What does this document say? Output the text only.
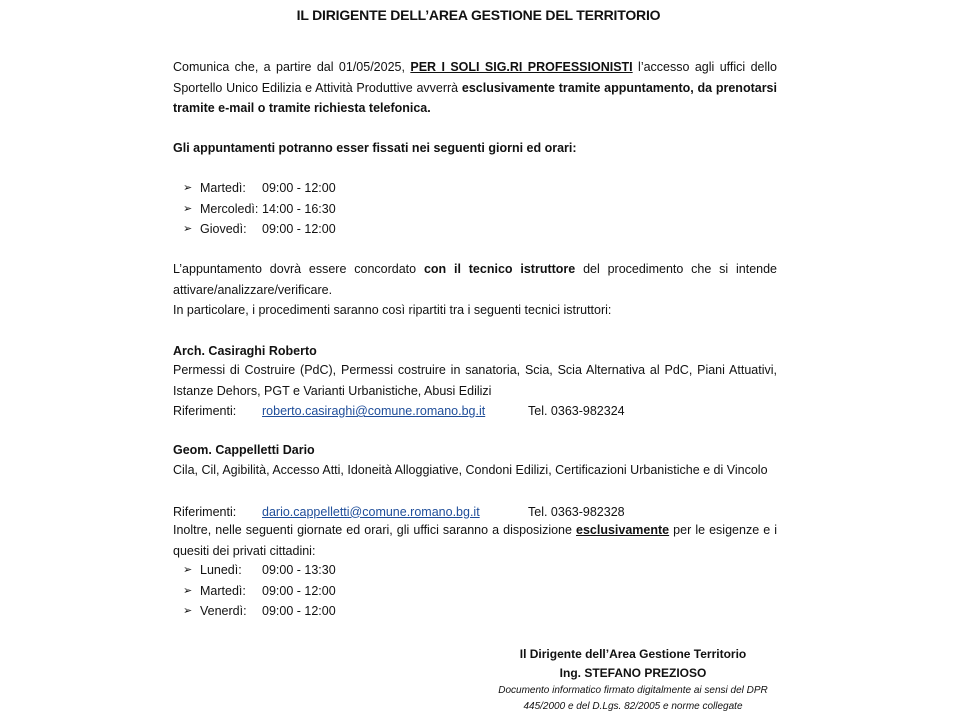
IL DIRIGENTE DELL’AREA GESTIONE DEL TERRITORIO
Comunica che, a partire dal 01/05/2025, PER I SOLI SIG.RI PROFESSIONISTI l’accesso agli uffici dello Sportello Unico Edilizia e Attività Produttive avverrà esclusivamente tramite appuntamento, da prenotarsi tramite e-mail o tramite richiesta telefonica.
Gli appuntamenti potranno esser fissati nei seguenti giorni ed orari:
➢ Martedì: 09:00 - 12:00
➢ Mercoledì: 14:00 - 16:30
➢ Giovedì: 09:00 - 12:00
L’appuntamento dovrà essere concordato con il tecnico istruttore del procedimento che si intende attivare/analizzare/verificare.
In particolare, i procedimenti saranno così ripartiti tra i seguenti tecnici istruttori:
Arch. Casiraghi Roberto
Permessi di Costruire (PdC), Permessi costruire in sanatoria, Scia, Scia Alternativa al PdC, Piani Attuativi, Istanze Dehors, PGT e Varianti Urbanistiche, Abusi Edilizi
Riferimenti: roberto.casiraghi@comune.romano.bg.it	Tel. 0363-982324
Geom. Cappelletti Dario
Cila, Cil, Agibilità, Accesso Atti, Idoneità Alloggiative, Condoni Edilizi, Certificazioni Urbanistiche e di Vincolo
Riferimenti: dario.cappelletti@comune.romano.bg.it	Tel. 0363-982328
Inoltre, nelle seguenti giornate ed orari, gli uffici saranno a disposizione esclusivamente per le esigenze e i quesiti dei privati cittadini:
➢ Lunedì: 09:00 - 13:30
➢ Martedì: 09:00 - 12:00
➢ Venerdì: 09:00 - 12:00
Il Dirigente dell’Area Gestione Territorio
Ing. STEFANO PREZIOSO
Documento informatico firmato digitalmente ai sensi del DPR
445/2000 e del D.Lgs. 82/2005 e norme collegate
